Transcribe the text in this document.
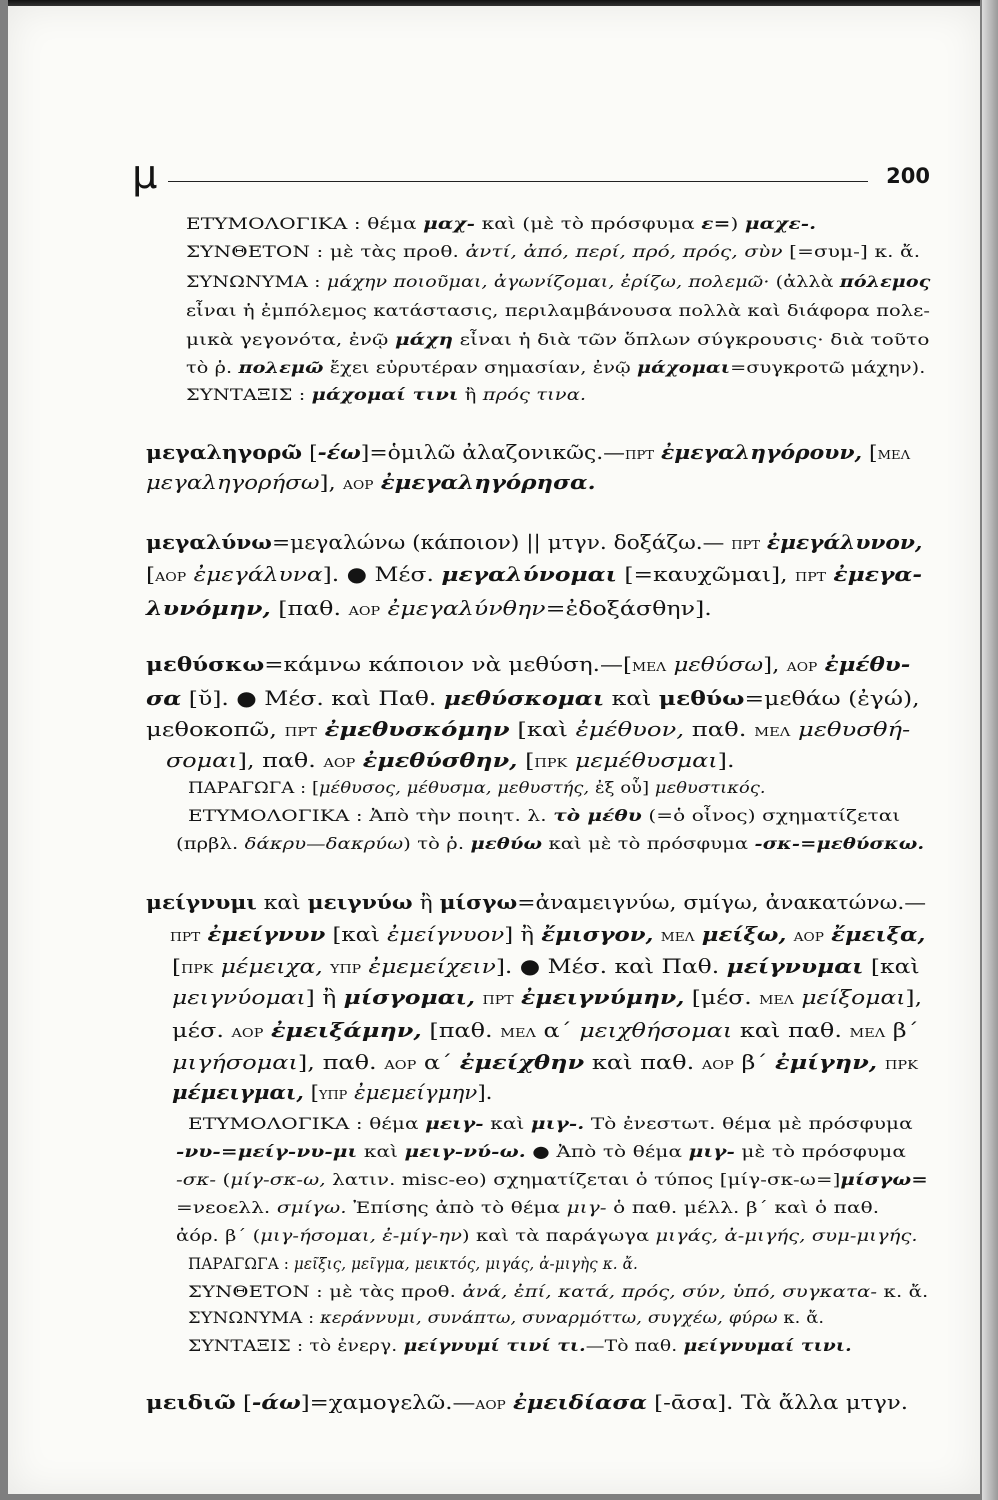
μ	200
ΕΤΥΜΟΛΟΓΙΚΑ : θέμα μαχ- καὶ (μὲ τὸ πρόσφυμα ε=) μαχε-.
ΣΥΝΘΕΤΟΝ : μὲ τὰς προθ. ἀντί, ἀπό, περί, πρό, πρός, σὺν [=συμ-] κ. ἄ.
ΣΥΝΩΝΥΜΑ : μάχην ποιοῦμαι, ἀγωνίζομαι, ἐρίζω, πολεμῶ· (ἀλλὰ πόλεμος
εἶναι ἡ ἐμπόλεμος κατάστασις, περιλαμβάνουσα πολλὰ καὶ διάφορα πολε-
μικὰ γεγονότα, ἐνῷ μάχη εἶναι ἡ διὰ τῶν ὅπλων σύγκρουσις· διὰ τοῦτο
τὸ ῥ. πολεμῶ ἔχει εὐρυτέραν σημασίαν, ἐνῷ μάχομαι=συγκροτῶ μάχην).
ΣΥΝΤΑΞΙΣ : μάχομαί τινι ἢ πρός τινα.
μεγαληγορῶ [-έω]=ὁμιλῶ ἀλαζονικῶς.—πρτ ἐμεγαληγόρουν, [μελ
μεγαληγορήσω], αορ ἐμεγαληγόρησα.
μεγαλύνω=μεγαλώνω (κάποιον) || μτγν. δοξάζω.— πρτ ἐμεγάλυνον,
[αορ ἐμεγάλυνα]. ● Μέσ. μεγαλύνομαι [=καυχῶμαι], πρτ ἐμεγα-
λυνόμην, [παθ. αορ ἐμεγαλύνθην=ἐδοξάσθην].
μεθύσκω=κάμνω κάποιον νὰ μεθύση.—[μελ μεθύσω], αορ ἐμέθυ-
σα [ῠ]. ● Μέσ. καὶ Παθ. μεθύσκομαι καὶ μεθύω=μεθάω (ἐγώ),
μεθοκοπῶ, πρτ ἐμεθυσκόμην [καὶ ἐμέθυον, παθ. μελ μεθυσθή-
σομαι], παθ. αορ ἐμεθύσθην, [πρκ μεμέθυσμαι].
ΠΑΡΑΓΩΓΑ : [μέθυσος, μέθυσμα, μεθυστής, ἐξ οὗ] μεθυστικός.
ΕΤΥΜΟΛΟΓΙΚΑ : Ἀπὸ τὴν ποιητ. λ. τὸ μέθυ (=ὁ οἶνος) σχηματίζεται
(πρβλ. δάκρυ—δακρύω) τὸ ῥ. μεθύω καὶ μὲ τὸ πρόσφυμα -σκ-=μεθύσκω.
μείγνυμι καὶ μειγνύω ἢ μίσγω=ἀναμειγνύω, σμίγω, ἀνακατώνω.—
πρτ ἐμείγνυν [καὶ ἐμείγνυον] ἢ ἔμισγον, μελ μείξω, αορ ἔμειξα,
[πρκ μέμειχα, υπρ ἐμεμείχειν]. ● Μέσ. καὶ Παθ. μείγνυμαι [καὶ
μειγνύομαι] ἢ μίσγομαι, πρτ ἐμειγνύμην, [μέσ. μελ μείξομαι],
μέσ. αορ ἐμειξάμην, [παθ. μελ α΄ μειχθήσομαι καὶ παθ. μελ β΄
μιγήσομαι], παθ. αορ α΄ ἐμείχθην καὶ παθ. αορ β΄ ἐμίγην, πρκ
μέμειγμαι, [υπρ ἐμεμείγμην].
ΕΤΥΜΟΛΟΓΙΚΑ : θέμα μειγ- καὶ μιγ-. Τὸ ἐνεστωτ. θέμα μὲ πρόσφυμα
-νυ-=μείγ-νυ-μι καὶ μειγ-νύ-ω. ● Ἀπὸ τὸ θέμα μιγ- μὲ τὸ πρόσφυμα
-σκ- (μίγ-σκ-ω, λατιν. misc-eo) σχηματίζεται ὁ τύπος [μίγ-σκ-ω=]μίσγω=
=νεοελλ. σμίγω. Ἐπίσης ἀπὸ τὸ θέμα μιγ- ὁ παθ. μέλλ. β΄ καὶ ὁ παθ.
ἀόρ. β΄ (μιγ-ήσομαι, ἐ-μίγ-ην) καὶ τὰ παράγωγα μιγάς, ἀ-μιγής, συμ-μιγής.
ΠΑΡΑΓΩΓΑ : μεῖξις, μεῖγμα, μεικτός, μιγάς, ἀ-μιγὴς κ. ἄ.
ΣΥΝΘΕΤΟΝ : μὲ τὰς προθ. ἀνά, ἐπί, κατά, πρός, σύν, ὑπό, συγκατα- κ. ἄ.
ΣΥΝΩΝΥΜΑ : κεράννυμι, συνάπτω, συναρμόττω, συγχέω, φύρω κ. ἄ.
ΣΥΝΤΑΞΙΣ : τὸ ἐνεργ. μείγνυμί τινί τι.—Τὸ παθ. μείγνυμαί τινι.
μειδιῶ [-άω]=χαμογελῶ.—αορ ἐμειδίασα [-ᾱσα]. Τὰ ἄλλα μτγν.
